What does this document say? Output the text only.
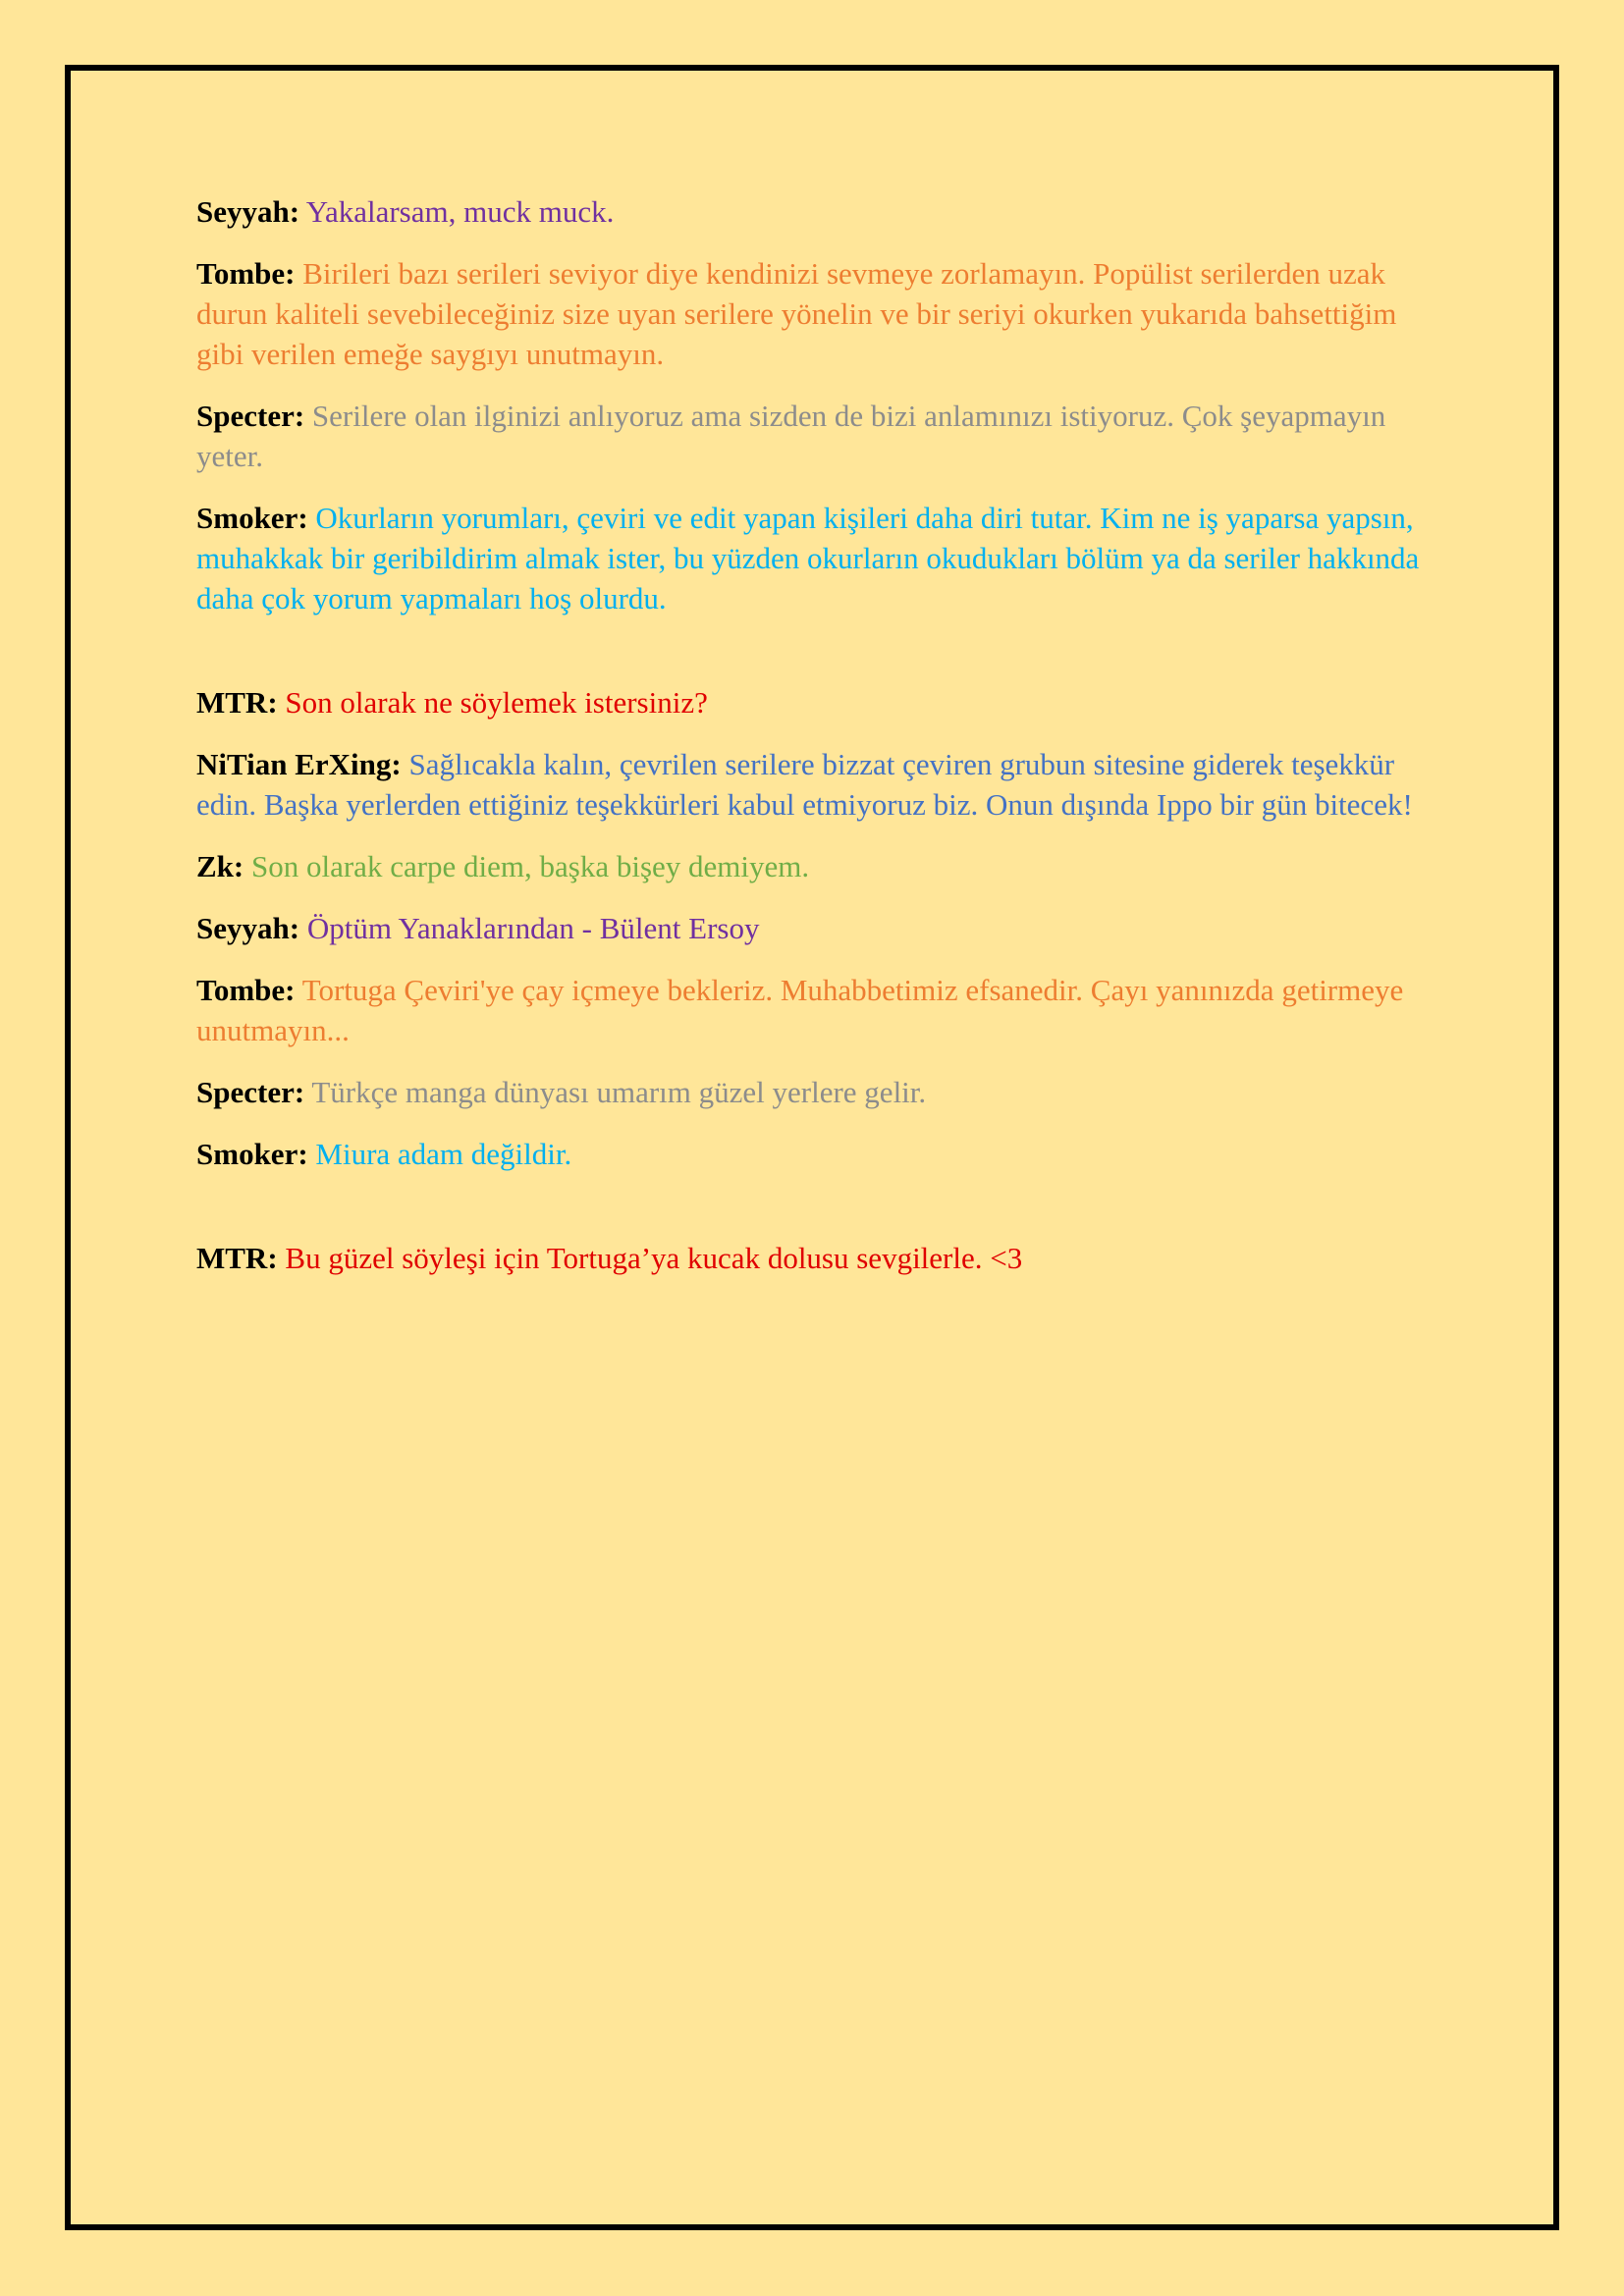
Seyyah: Yakalarsam, muck muck.

Tombe: Birileri bazı serileri seviyor diye kendinizi sevmeye zorlamayın. Popülist serilerden uzak durun kaliteli sevebileceğiniz size uyan serilere yönelin ve bir seriyi okurken yukarıda bahsettiğim gibi verilen emeğe saygıyı unutmayın.

Specter: Serilere olan ilginizi anlıyoruz ama sizden de bizi anlamınızı istiyoruz. Çok şeyapmayın yeter.

Smoker: Okurların yorumları, çeviri ve edit yapan kişileri daha diri tutar. Kim ne iş yaparsa yapsın, muhakkak bir geribildirim almak ister, bu yüzden okurların okudukları bölüm ya da seriler hakkında daha çok yorum yapmaları hoş olurdu.

MTR: Son olarak ne söylemek istersiniz?

NiTian ErXing: Sağlıcakla kalın, çevrilen serilere bizzat çeviren grubun sitesine giderek teşekkür edin. Başka yerlerden ettiğiniz teşekkürleri kabul etmiyoruz biz. Onun dışında Ippo bir gün bitecek!

Zk: Son olarak carpe diem, başka bişey demiyem.

Seyyah: Öptüm Yanaklarından - Bülent Ersoy

Tombe: Tortuga Çeviri'ye çay içmeye bekleriz. Muhabbetimiz efsanedir. Çayı yanınızda getirmeye unutmayın...

Specter: Türkçe manga dünyası umarım güzel yerlere gelir.

Smoker: Miura adam değildir.

MTR: Bu güzel söyleşi için Tortuga’ya kucak dolusu sevgilerle. <3
